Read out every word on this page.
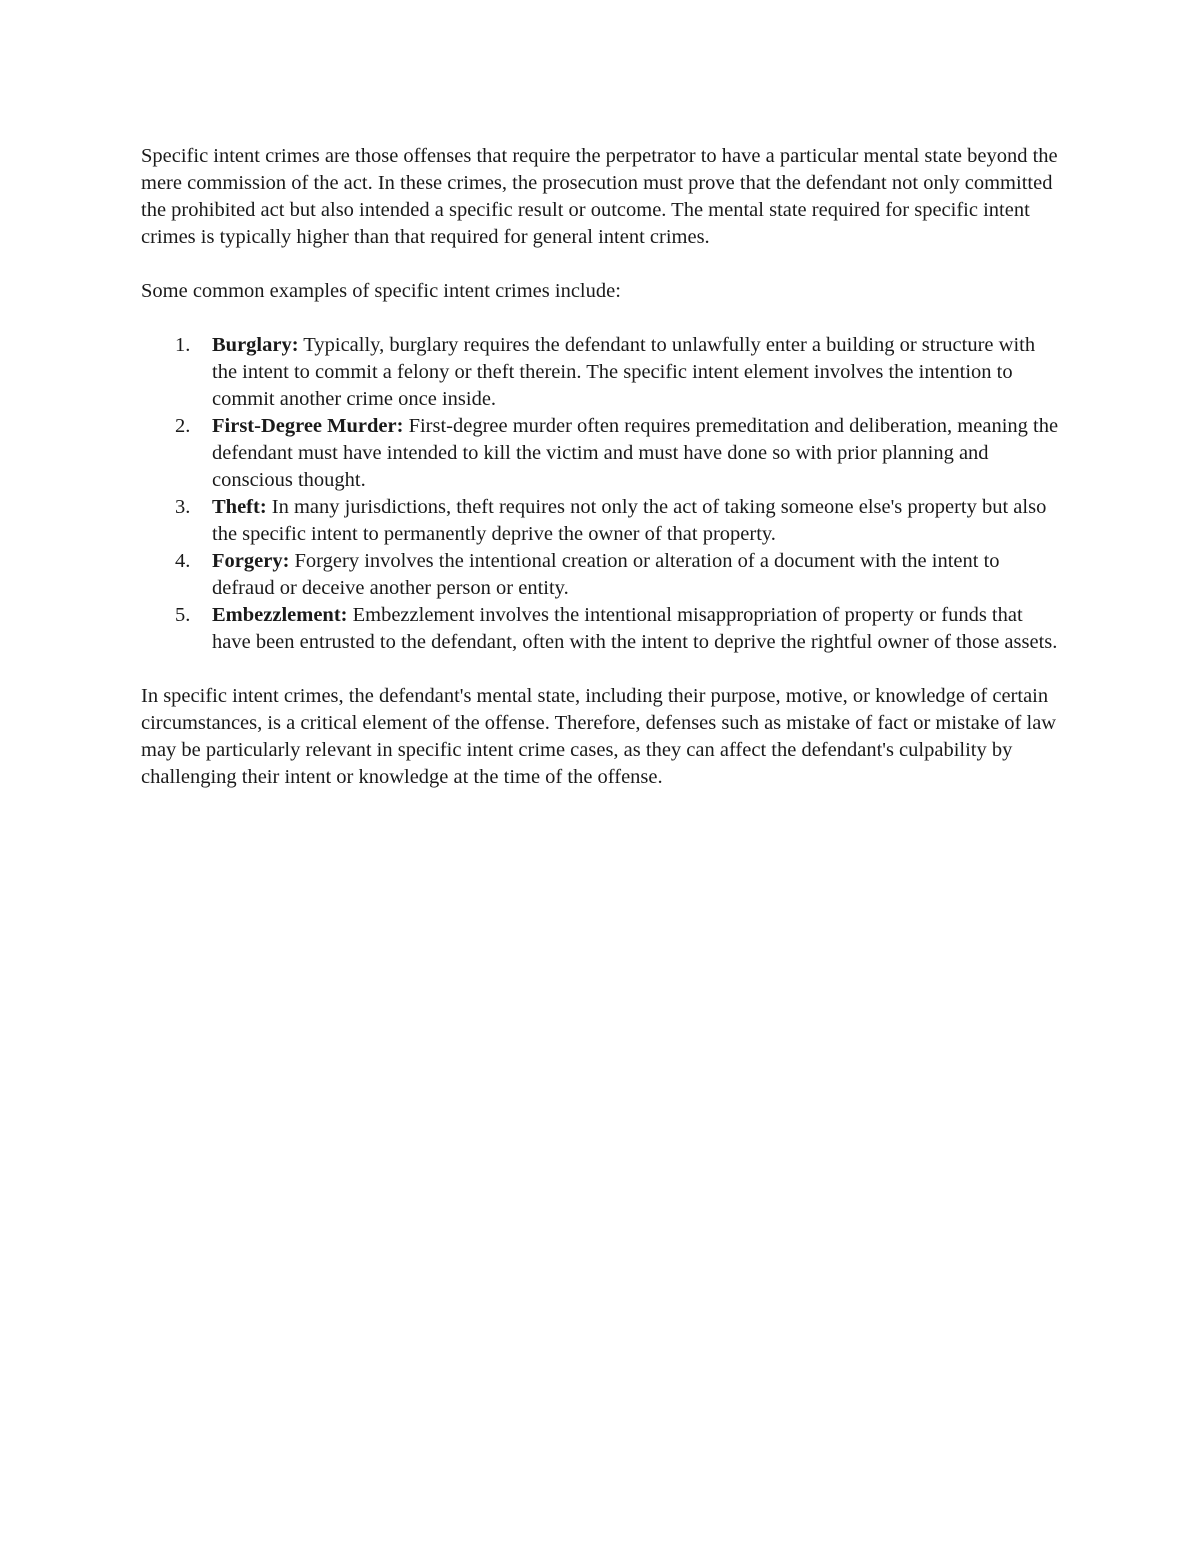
Specific intent crimes are those offenses that require the perpetrator to have a particular mental state beyond the mere commission of the act. In these crimes, the prosecution must prove that the defendant not only committed the prohibited act but also intended a specific result or outcome. The mental state required for specific intent crimes is typically higher than that required for general intent crimes.

Some common examples of specific intent crimes include:

1. Burglary: Typically, burglary requires the defendant to unlawfully enter a building or structure with the intent to commit a felony or theft therein. The specific intent element involves the intention to commit another crime once inside.
2. First-Degree Murder: First-degree murder often requires premeditation and deliberation, meaning the defendant must have intended to kill the victim and must have done so with prior planning and conscious thought.
3. Theft: In many jurisdictions, theft requires not only the act of taking someone else's property but also the specific intent to permanently deprive the owner of that property.
4. Forgery: Forgery involves the intentional creation or alteration of a document with the intent to defraud or deceive another person or entity.
5. Embezzlement: Embezzlement involves the intentional misappropriation of property or funds that have been entrusted to the defendant, often with the intent to deprive the rightful owner of those assets.

In specific intent crimes, the defendant's mental state, including their purpose, motive, or knowledge of certain circumstances, is a critical element of the offense. Therefore, defenses such as mistake of fact or mistake of law may be particularly relevant in specific intent crime cases, as they can affect the defendant's culpability by challenging their intent or knowledge at the time of the offense.
